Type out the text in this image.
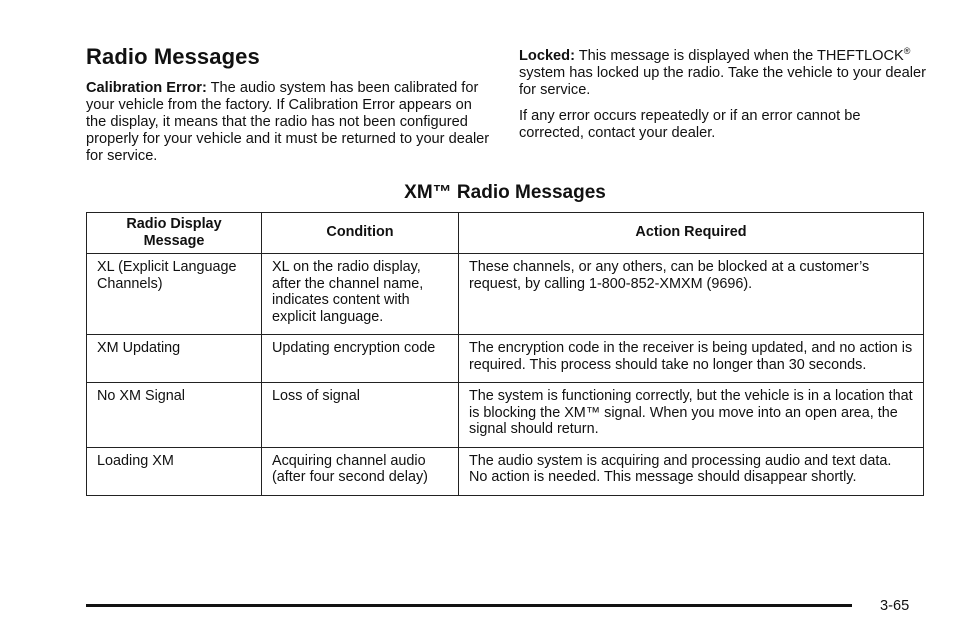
Radio Messages

Calibration Error: The audio system has been calibrated for your vehicle from the factory. If Calibration Error appears on the display, it means that the radio has not been configured properly for your vehicle and it must be returned to your dealer for service.

Locked: This message is displayed when the THEFTLOCK® system has locked up the radio. Take the vehicle to your dealer for service.

If any error occurs repeatedly or if an error cannot be corrected, contact your dealer.

XM™ Radio Messages
Radio Display Message	Condition	Action Required
XL (Explicit Language Channels)	XL on the radio display, after the channel name, indicates content with explicit language.	These channels, or any others, can be blocked at a customer’s request, by calling 1-800-852-XMXM (9696).
XM Updating	Updating encryption code	The encryption code in the receiver is being updated, and no action is required. This process should take no longer than 30 seconds.
No XM Signal	Loss of signal	The system is functioning correctly, but the vehicle is in a location that is blocking the XM™ signal. When you move into an open area, the signal should return.
Loading XM	Acquiring channel audio (after four second delay)	The audio system is acquiring and processing audio and text data. No action is needed. This message should disappear shortly.
3-65
